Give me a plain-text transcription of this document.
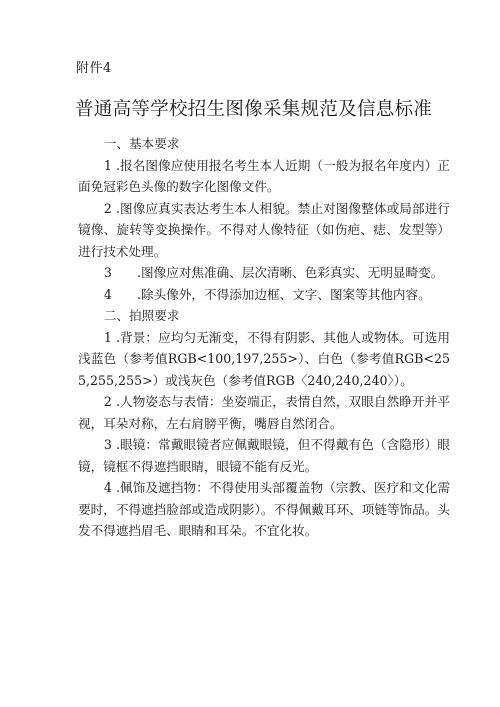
附件4
普通高等学校招生图像采集规范及信息标准

一、基本要求

1 .报名图像应使用报名考生本人近期（一般为报名年度内）正面免冠彩色头像的数字化图像文件。

2 .图像应真实表达考生本人相貌。禁止对图像整体或局部进行镜像、旋转等变换操作。不得对人像特征（如伤疤、痣、发型等）进行技术处理。

3　　.图像应对焦准确、层次清晰、色彩真实、无明显畸变。

4　　.除头像外，不得添加边框、文字、图案等其他内容。

二、拍照要求

1 .背景：应均匀无渐变，不得有阴影、其他人或物体。可选用浅蓝色（参考值RGB<100,197,255>）、白色（参考值RGB<255,255,255>）或浅灰色（参考值RGB〈240,240,240〉）。

2 .人物姿态与表情：坐姿端正，表情自然，双眼自然睁开并平视，耳朵对称，左右肩膀平衡，嘴唇自然闭合。

3 .眼镜：常戴眼镜者应佩戴眼镜，但不得戴有色（含隐形）眼镜，镜框不得遮挡眼睛，眼镜不能有反光。

4 .佩饰及遮挡物：不得使用头部覆盖物（宗教、医疗和文化需要时，不得遮挡脸部或造成阴影）。不得佩戴耳环、项链等饰品。头发不得遮挡眉毛、眼睛和耳朵。不宜化妆。
